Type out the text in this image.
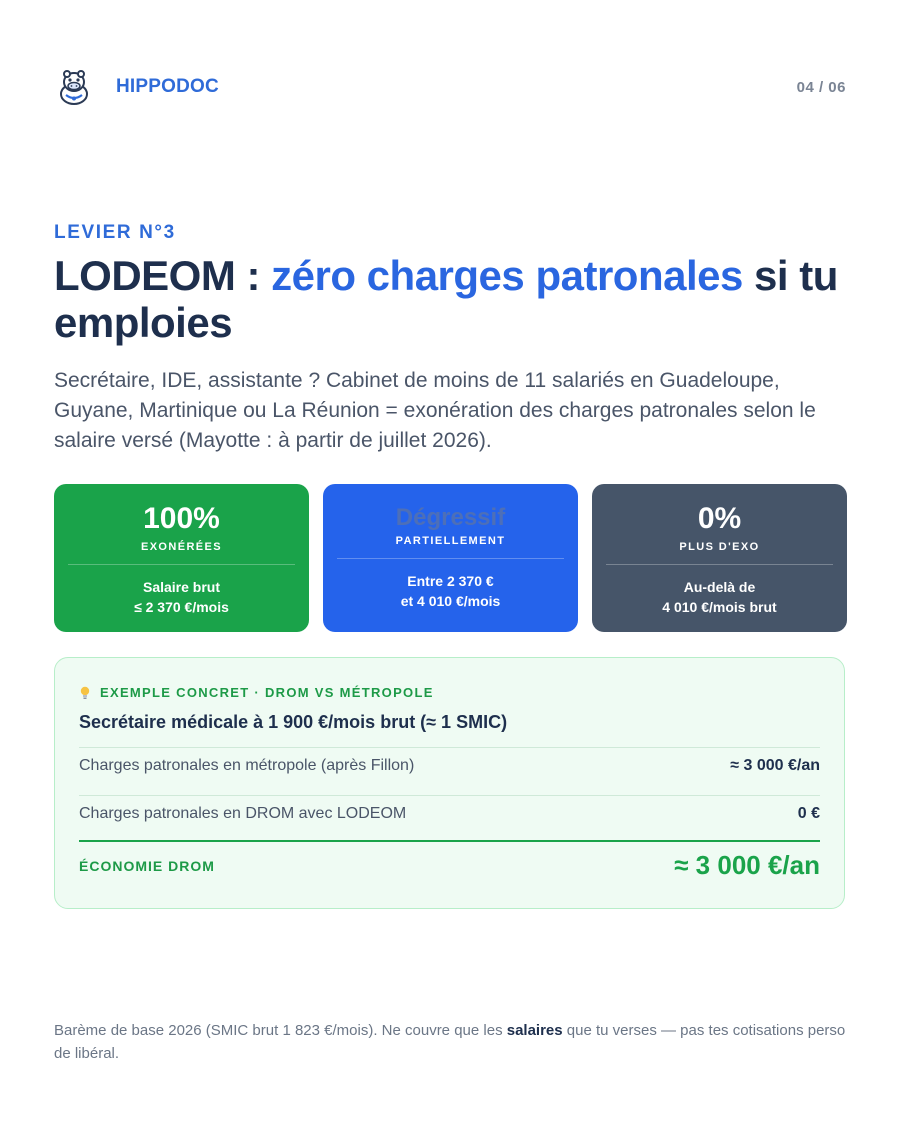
HIPPODOC	04 / 06
LEVIER N°3
LODEOM : zéro charges patronales si tu emploies

Secrétaire, IDE, assistante ? Cabinet de moins de 11 salariés en Guadeloupe, Guyane, Martinique ou La Réunion = exonération des charges patronales selon le salaire versé (Mayotte : à partir de juillet 2026).

100%
EXONÉRÉES
Salaire brut
≤ 2 370 €/mois
Dégressif
PARTIELLEMENT
Entre 2 370 €
et 4 010 €/mois
0%
PLUS D'EXO
Au-delà de
4 010 €/mois brut
EXEMPLE CONCRET · DROM VS MÉTROPOLE
Secrétaire médicale à 1 900 €/mois brut (≈ 1 SMIC)
Charges patronales en métropole (après Fillon)	≈ 3 000 €/an
Charges patronales en DROM avec LODEOM	0 €
ÉCONOMIE DROM	≈ 3 000 €/an

Barème de base 2026 (SMIC brut 1 823 €/mois). Ne couvre que les salaires que tu verses — pas tes cotisations perso de libéral.
